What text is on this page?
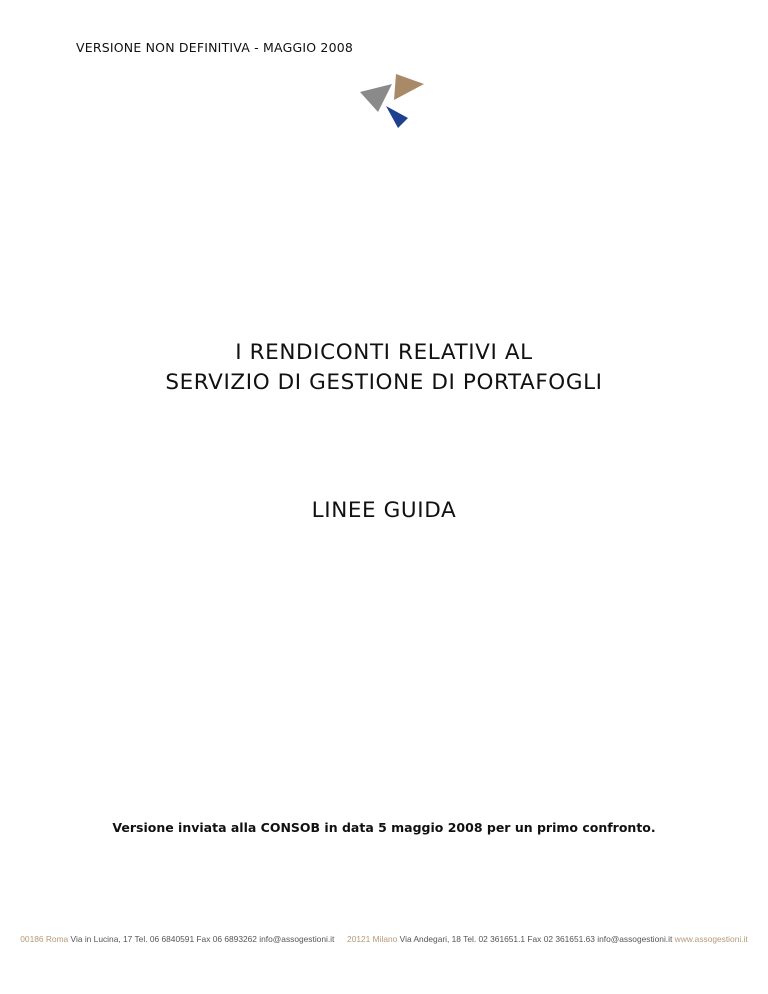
VERSIONE NON DEFINITIVA - MAGGIO 2008
I RENDICONTI RELATIVI AL
SERVIZIO DI GESTIONE DI PORTAFOGLI
LINEE GUIDA
Versione inviata alla CONSOB in data 5 maggio 2008 per un primo confronto.
00186 Roma Via in Lucina, 17 Tel. 06 6840591 Fax 06 6893262 info@assogestioni.it 20121 Milano Via Andegari, 18 Tel. 02 361651.1 Fax 02 361651.63 info@assogestioni.it www.assogestioni.it
